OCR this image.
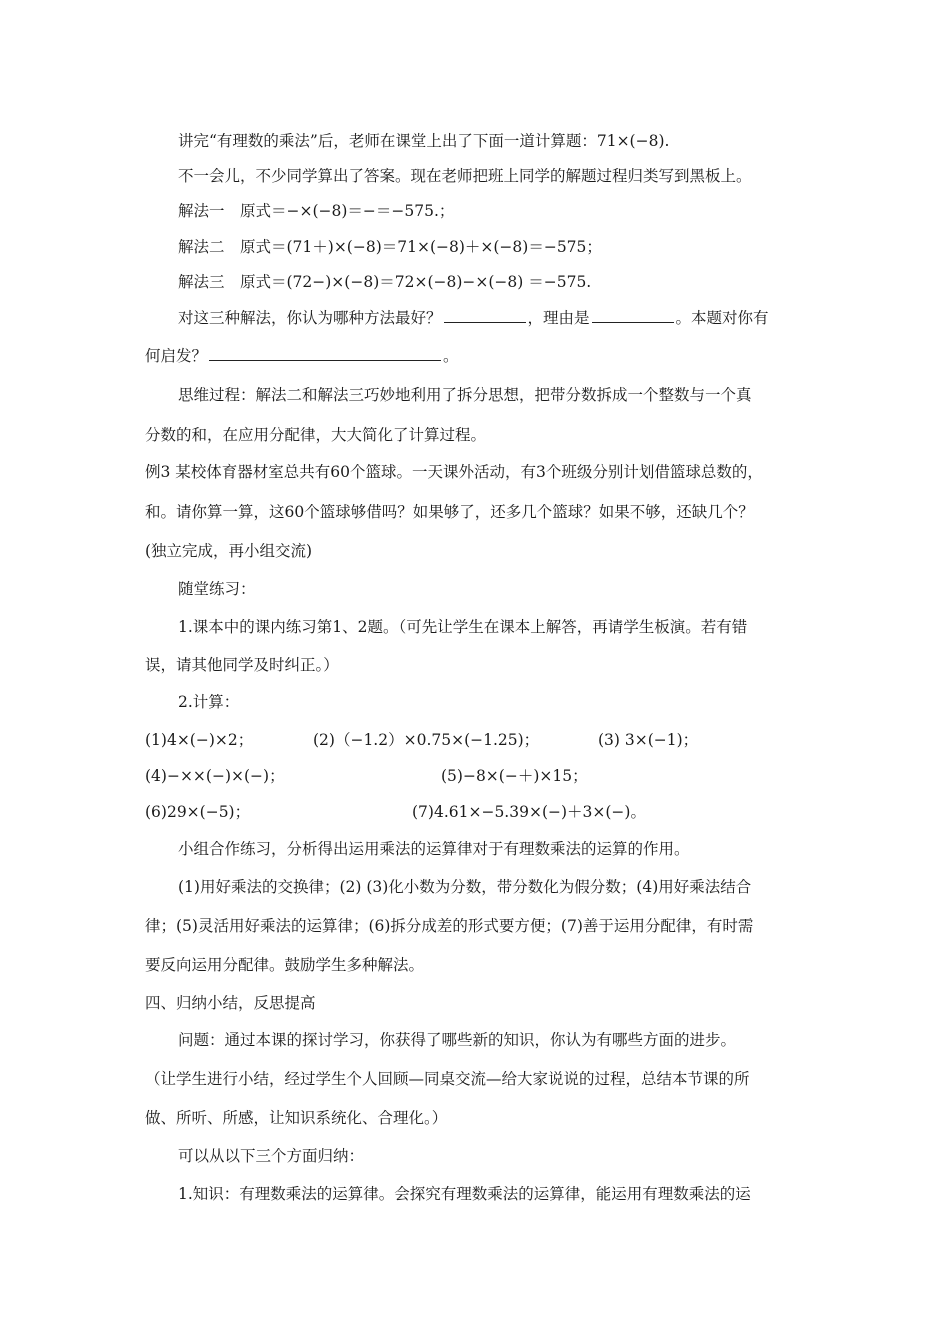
讲完“有理数的乘法”后，老师在课堂上出了下面一道计算题：71×(−8).
不一会儿，不少同学算出了答案。现在老师把班上同学的解题过程归类写到黑板上。
解法一　原式＝−×(−8)＝−＝−575.；
解法二　原式＝(71＋)×(−8)＝71×(−8)＋×(−8)＝−575；
解法三　原式＝(72−)×(−8)＝72×(−8)−×(−8) ＝−575.
对这三种解法，你认为哪种方法最好？	，理由是	。本题对你有
何启发？	。
思维过程：解法二和解法三巧妙地利用了拆分思想，把带分数拆成一个整数与一个真
分数的和，在应用分配律，大大简化了计算过程。
例3 某校体育器材室总共有60个篮球。一天课外活动，有3个班级分别计划借篮球总数的，
和。请你算一算，这60个篮球够借吗？如果够了，还多几个篮球？如果不够，还缺几个？
(独立完成，再小组交流)
随堂练习：
1.课本中的课内练习第1、2题。（可先让学生在课本上解答，再请学生板演。若有错
误，请其他同学及时纠正。）
2.计算：
(1)4×(−)×2；	(2)（−1.2）×0.75×(−1.25)；	(3) 3×(−1)；
(4)−××(−)×(−)；	(5)−8×(−＋)×15；
(6)29×(−5)；	(7)4.61×−5.39×(−)＋3×(−)。
小组合作练习，分析得出运用乘法的运算律对于有理数乘法的运算的作用。
(1)用好乘法的交换律；(2) (3)化小数为分数，带分数化为假分数；(4)用好乘法结合
律；(5)灵活用好乘法的运算律；(6)拆分成差的形式要方便；(7)善于运用分配律，有时需
要反向运用分配律。鼓励学生多种解法。
四、归纳小结，反思提高
问题：通过本课的探讨学习，你获得了哪些新的知识，你认为有哪些方面的进步。
（让学生进行小结，经过学生个人回顾—同桌交流—给大家说说的过程，总结本节课的所
做、所听、所感，让知识系统化、合理化。）
可以从以下三个方面归纳：
1.知识：有理数乘法的运算律。会探究有理数乘法的运算律，能运用有理数乘法的运
